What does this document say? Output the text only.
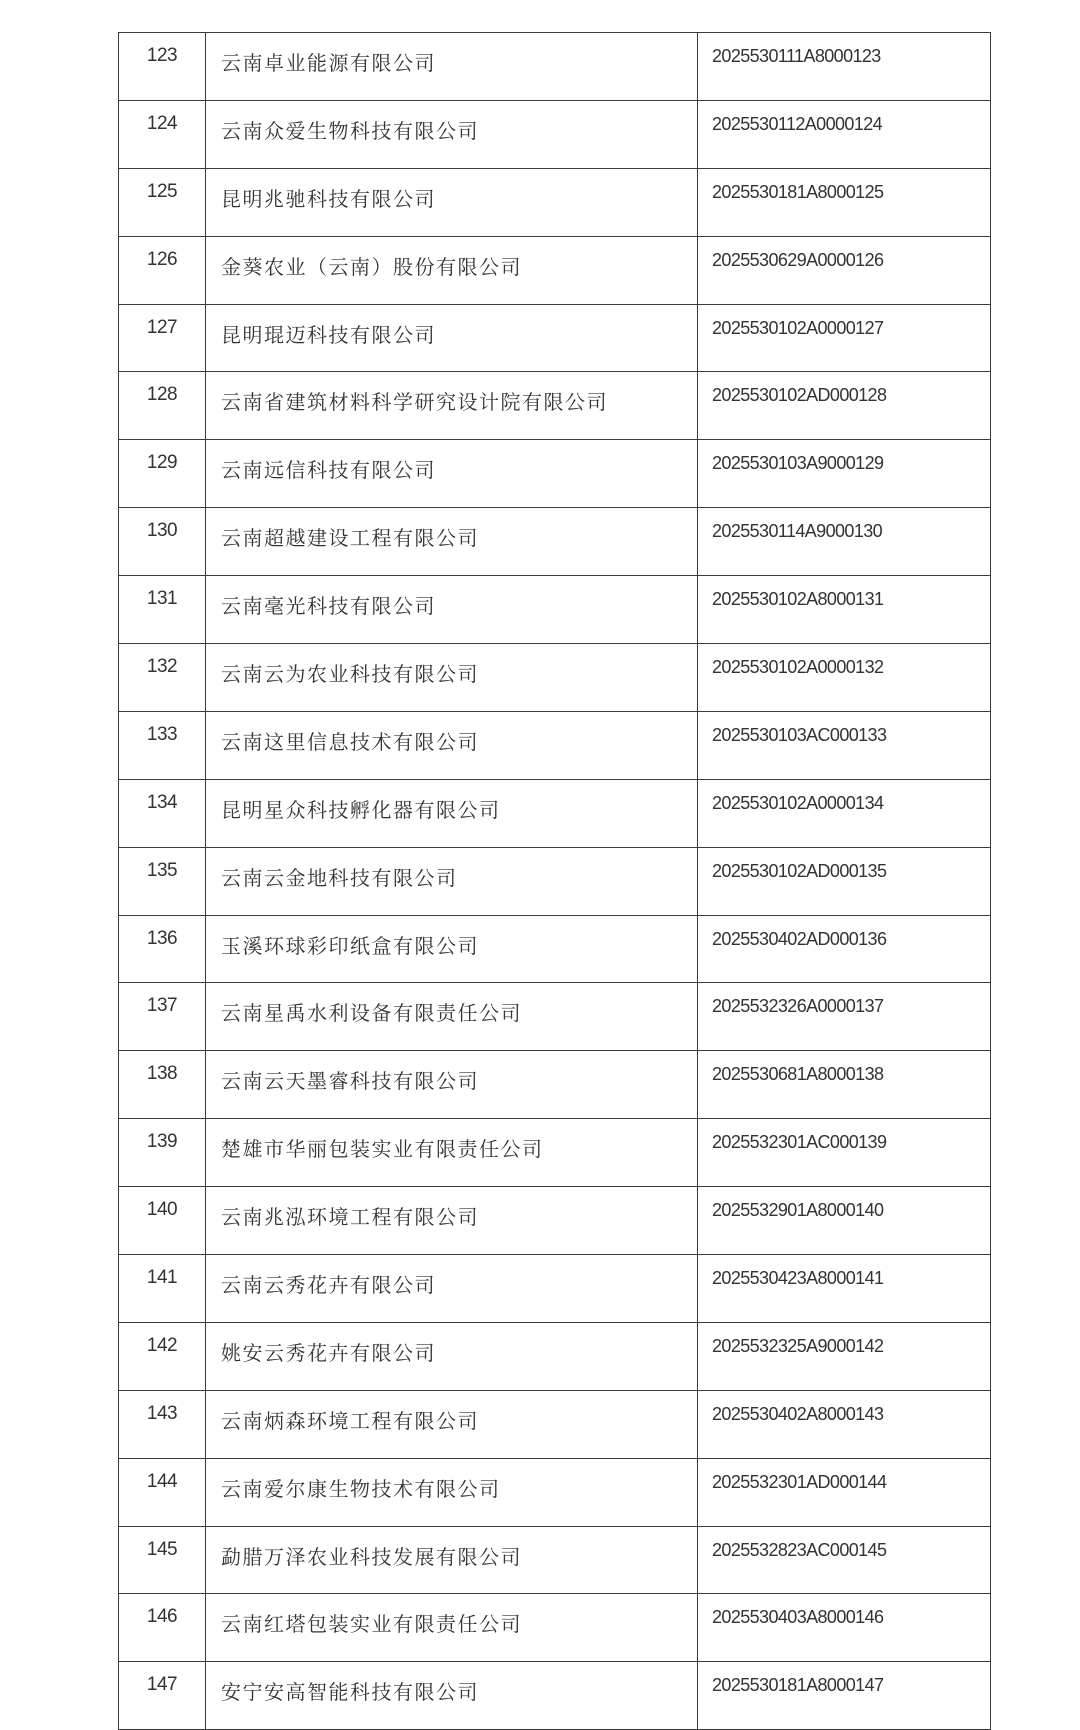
123	云南卓业能源有限公司	2025530111A8000123
124	云南众爱生物科技有限公司	2025530112A0000124
125	昆明兆驰科技有限公司	2025530181A8000125
126	金葵农业（云南）股份有限公司	2025530629A0000126
127	昆明琨迈科技有限公司	2025530102A0000127
128	云南省建筑材料科学研究设计院有限公司	2025530102AD000128
129	云南远信科技有限公司	2025530103A9000129
130	云南超越建设工程有限公司	2025530114A9000130
131	云南毫光科技有限公司	2025530102A8000131
132	云南云为农业科技有限公司	2025530102A0000132
133	云南这里信息技术有限公司	2025530103AC000133
134	昆明星众科技孵化器有限公司	2025530102A0000134
135	云南云金地科技有限公司	2025530102AD000135
136	玉溪环球彩印纸盒有限公司	2025530402AD000136
137	云南星禹水利设备有限责任公司	2025532326A0000137
138	云南云天墨睿科技有限公司	2025530681A8000138
139	楚雄市华丽包装实业有限责任公司	2025532301AC000139
140	云南兆泓环境工程有限公司	2025532901A8000140
141	云南云秀花卉有限公司	2025530423A8000141
142	姚安云秀花卉有限公司	2025532325A9000142
143	云南炳森环境工程有限公司	2025530402A8000143
144	云南爱尔康生物技术有限公司	2025532301AD000144
145	勐腊万泽农业科技发展有限公司	2025532823AC000145
146	云南红塔包装实业有限责任公司	2025530403A8000146
147	安宁安高智能科技有限公司	2025530181A8000147
